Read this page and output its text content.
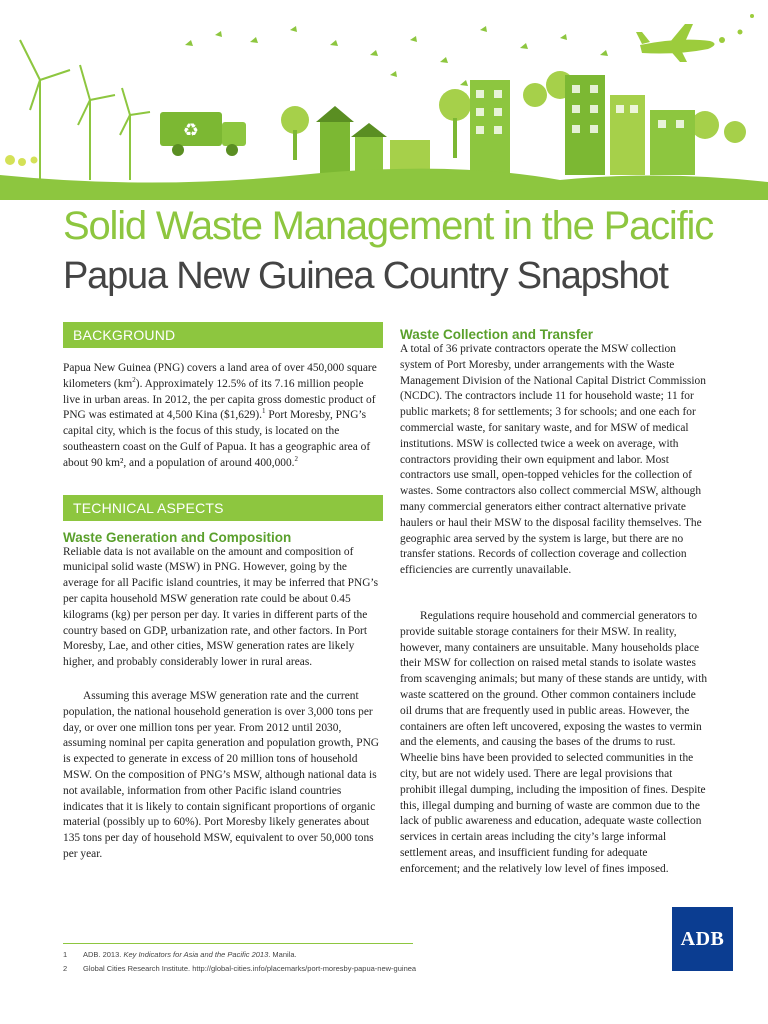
♻
Solid Waste Management in the Pacific
Papua New Guinea Country Snapshot
BACKGROUND

Papua New Guinea (PNG) covers a land area of over 450,000 square kilometers $(km^2)$. Approximately 12.5% of its 7.16 million people live in urban areas. In 2012, the per capita gross domestic product of PNG was estimated at 4,500 Kina ($1,629).$^1$ Port Moresby, PNG’s capital city, which is the focus of this study, is located on the southeastern coast on the Gulf of Papua. It has a geographic area of about 90 km², and a population of around 400,000.$^2$

TECHNICAL ASPECTS
Waste Generation and Composition

Reliable data is not available on the amount and composition of municipal solid waste (MSW) in PNG. However, going by the average for all Pacific island countries, it may be inferred that PNG’s per capita household MSW generation rate could be about 0.45 kilograms (kg) per person per day. It varies in different parts of the country based on GDP, urbanization rate, and other factors. In Port Moresby, Lae, and other cities, MSW generation rates are likely higher, and probably considerably lower in rural areas.

Assuming this average MSW generation rate and the current population, the national household generation is over 3,000 tons per day, or over one million tons per year. From 2012 until 2030, assuming nominal per capita generation and population growth, PNG is expected to generate in excess of 20 million tons of household MSW. On the composition of PNG’s MSW, although national data is not available, information from other Pacific island countries indicates that it is likely to contain significant proportions of organic material (possibly up to 60%). Port Moresby likely generates about 135 tons per day of household MSW, equivalent to over 50,000 tons per year.

Waste Collection and Transfer

A total of 36 private contractors operate the MSW collection system of Port Moresby, under arrangements with the Waste Management Division of the National Capital District Commission (NCDC). The contractors include 11 for household waste; 11 for public markets; 8 for settlements; 3 for schools; and one each for commercial waste, for sanitary waste, and for MSW of medical institutions. MSW is collected twice a week on average, with contractors providing their own equipment and labor. Most contractors use small, open-topped vehicles for the collection of wastes. Some contractors also collect commercial MSW, although many commercial generators either contract alternative private haulers or haul their MSW to the disposal facility themselves. The geographic area served by the system is large, but there are no transfer stations. Records of collection coverage and collection efficiencies are currently unavailable.

Regulations require household and commercial generators to provide suitable storage containers for their MSW. In reality, however, many containers are unsuitable. Many households place their MSW for collection on raised metal stands to isolate wastes from scavenging animals; but many of these stands are untidy, with waste scattered on the ground. Other common containers include oil drums that are frequently used in public areas. However, the containers are often left uncovered, exposing the wastes to vermin and the elements, and causing the bases of the drums to rust. Wheelie bins have been provided to selected communities in the city, but are not widely used. There are legal provisions that prohibit illegal dumping, including the imposition of fines. Despite this, illegal dumping and burning of waste are common due to the lack of public awareness and education, adequate waste collection services in certain areas including the city’s large informal settlement areas, and insufficient funding for adequate enforcement; and the relatively low level of fines imposed.

1 ADB. 2013. Key Indicators for Asia and the Pacific 2013. Manila.
2 Global Cities Research Institute. http://global-cities.info/placemarks/port-moresby-papua-new-guinea
ADB
